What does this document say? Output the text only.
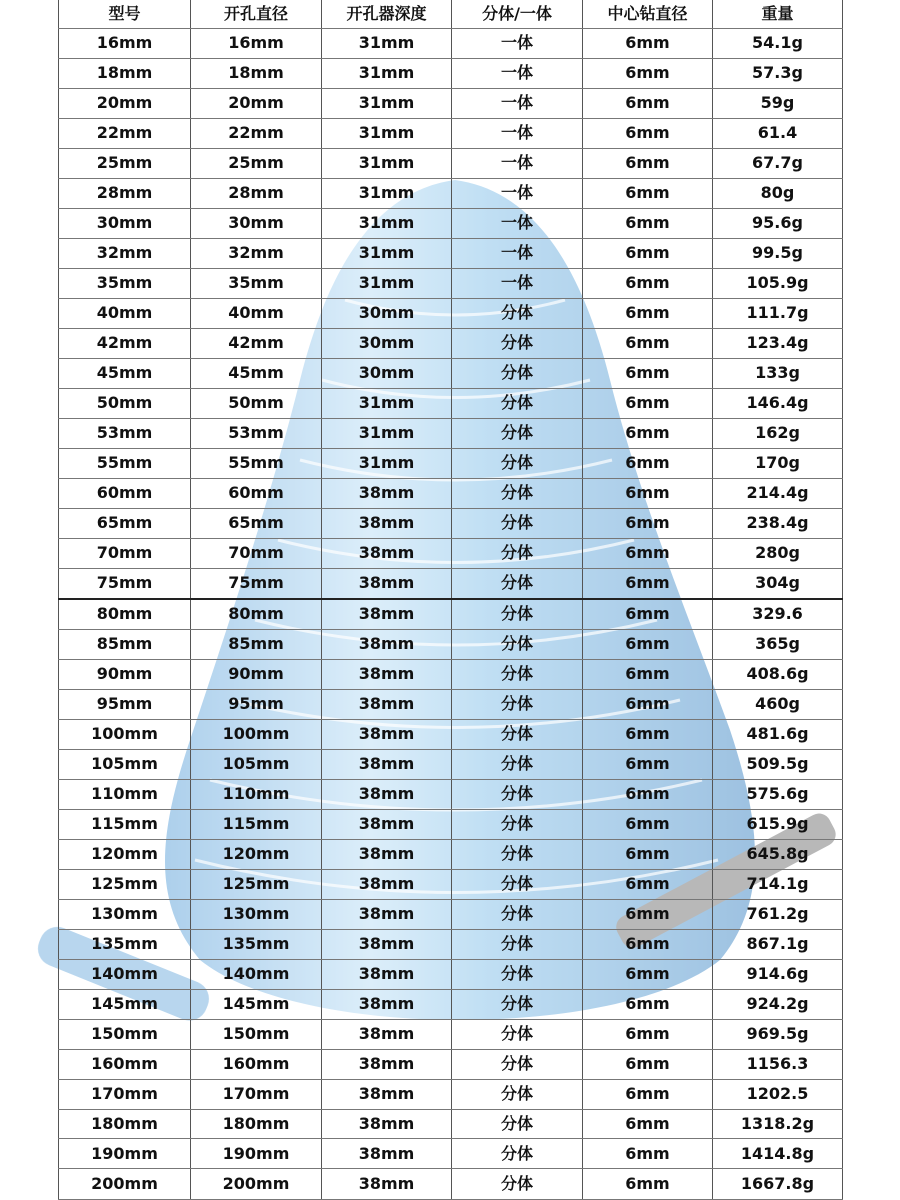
型号	开孔直径	开孔器深度	分体/一体	中心钻直径	重量
16mm	16mm	31mm	一体	6mm	54.1g
18mm	18mm	31mm	一体	6mm	57.3g
20mm	20mm	31mm	一体	6mm	59g
22mm	22mm	31mm	一体	6mm	61.4
25mm	25mm	31mm	一体	6mm	67.7g
28mm	28mm	31mm	一体	6mm	80g
30mm	30mm	31mm	一体	6mm	95.6g
32mm	32mm	31mm	一体	6mm	99.5g
35mm	35mm	31mm	一体	6mm	105.9g
40mm	40mm	30mm	分体	6mm	111.7g
42mm	42mm	30mm	分体	6mm	123.4g
45mm	45mm	30mm	分体	6mm	133g
50mm	50mm	31mm	分体	6mm	146.4g
53mm	53mm	31mm	分体	6mm	162g
55mm	55mm	31mm	分体	6mm	170g
60mm	60mm	38mm	分体	6mm	214.4g
65mm	65mm	38mm	分体	6mm	238.4g
70mm	70mm	38mm	分体	6mm	280g
75mm	75mm	38mm	分体	6mm	304g
80mm	80mm	38mm	分体	6mm	329.6
85mm	85mm	38mm	分体	6mm	365g
90mm	90mm	38mm	分体	6mm	408.6g
95mm	95mm	38mm	分体	6mm	460g
100mm	100mm	38mm	分体	6mm	481.6g
105mm	105mm	38mm	分体	6mm	509.5g
110mm	110mm	38mm	分体	6mm	575.6g
115mm	115mm	38mm	分体	6mm	615.9g
120mm	120mm	38mm	分体	6mm	645.8g
125mm	125mm	38mm	分体	6mm	714.1g
130mm	130mm	38mm	分体	6mm	761.2g
135mm	135mm	38mm	分体	6mm	867.1g
140mm	140mm	38mm	分体	6mm	914.6g
145mm	145mm	38mm	分体	6mm	924.2g
150mm	150mm	38mm	分体	6mm	969.5g
160mm	160mm	38mm	分体	6mm	1156.3
170mm	170mm	38mm	分体	6mm	1202.5
180mm	180mm	38mm	分体	6mm	1318.2g
190mm	190mm	38mm	分体	6mm	1414.8g
200mm	200mm	38mm	分体	6mm	1667.8g
